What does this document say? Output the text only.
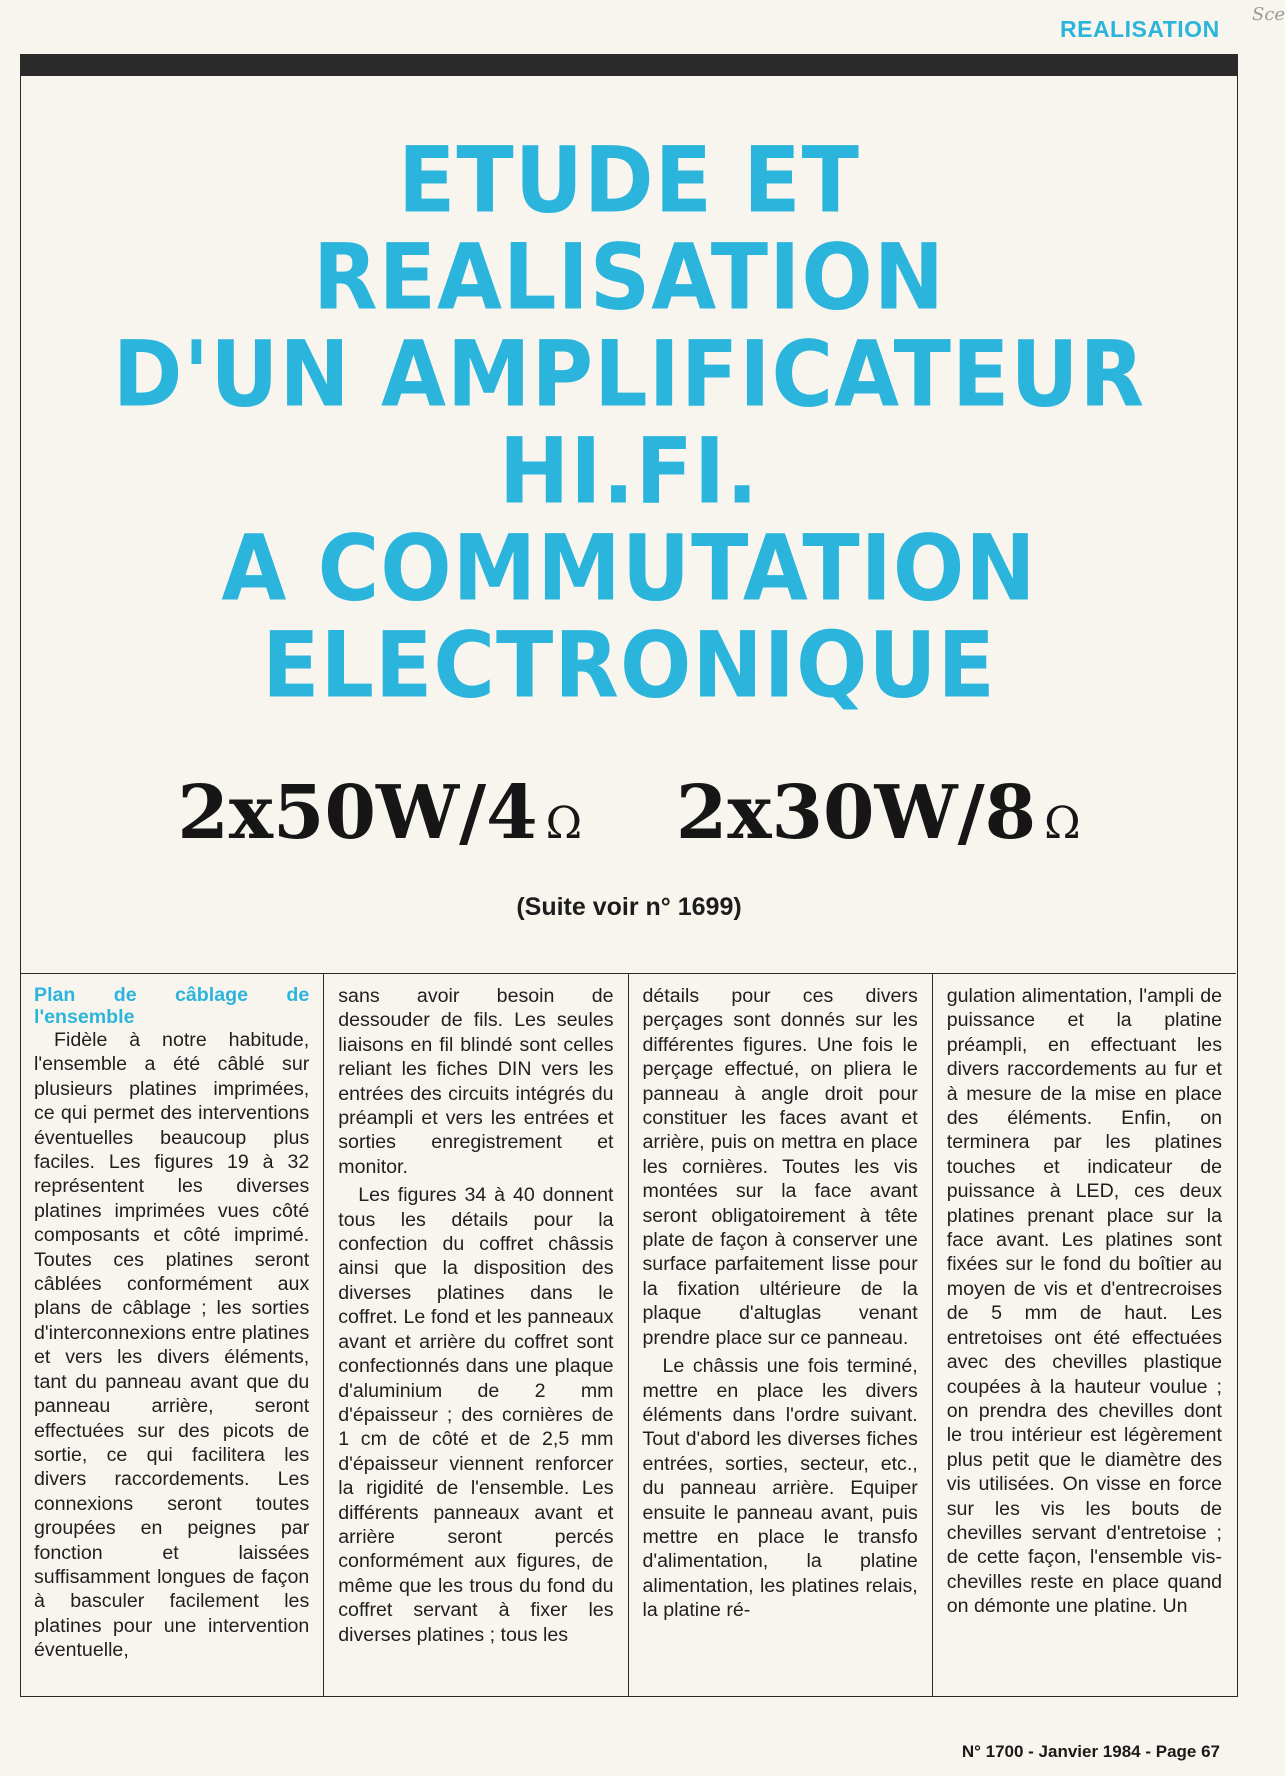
REALISATION
Sce
ETUDE ET
REALISATION
D'UN AMPLIFICATEUR
HI.FI.
A COMMUTATION
ELECTRONIQUE
2x50W/4 Ω 2x30W/8 Ω
(Suite voir n° 1699)
Plan de câblage de l'ensemble

Fidèle à notre habitude, l'ensemble a été câblé sur plusieurs platines imprimées, ce qui permet des interventions éventuelles beaucoup plus faciles. Les figures 19 à 32 représentent les diverses platines imprimées vues côté composants et côté imprimé. Toutes ces platines seront câblées conformément aux plans de câblage ; les sorties d'interconnexions entre platines et vers les divers éléments, tant du panneau avant que du panneau arrière, seront effectuées sur des picots de sortie, ce qui facilitera les divers raccordements. Les connexions seront toutes groupées en peignes par fonction et laissées suffisamment longues de façon à basculer facilement les platines pour une intervention éventuelle,

sans avoir besoin de dessouder de fils. Les seules liaisons en fil blindé sont celles reliant les fiches DIN vers les entrées des circuits intégrés du préampli et vers les entrées et sorties enregistrement et monitor.

Les figures 34 à 40 donnent tous les détails pour la confection du coffret châssis ainsi que la disposition des diverses platines dans le coffret. Le fond et les panneaux avant et arrière du coffret sont confectionnés dans une plaque d'aluminium de 2 mm d'épaisseur ; des cornières de 1 cm de côté et de 2,5 mm d'épaisseur viennent renforcer la rigidité de l'ensemble. Les différents panneaux avant et arrière seront percés conformément aux figures, de même que les trous du fond du coffret servant à fixer les diverses platines ; tous les

détails pour ces divers perçages sont donnés sur les différentes figures. Une fois le perçage effectué, on pliera le panneau à angle droit pour constituer les faces avant et arrière, puis on mettra en place les cornières. Toutes les vis montées sur la face avant seront obligatoirement à tête plate de façon à conserver une surface parfaitement lisse pour la fixation ultérieure de la plaque d'altuglas venant prendre place sur ce panneau.

Le châssis une fois terminé, mettre en place les divers éléments dans l'ordre suivant. Tout d'abord les diverses fiches entrées, sorties, secteur, etc., du panneau arrière. Equiper ensuite le panneau avant, puis mettre en place le transfo d'alimentation, la platine alimentation, les platines relais, la platine ré-

gulation alimentation, l'ampli de puissance et la platine préampli, en effectuant les divers raccordements au fur et à mesure de la mise en place des éléments. Enfin, on terminera par les platines touches et indicateur de puissance à LED, ces deux platines prenant place sur la face avant. Les platines sont fixées sur le fond du boîtier au moyen de vis et d'entrecroises de 5 mm de haut. Les entretoises ont été effectuées avec des chevilles plastique coupées à la hauteur voulue ; on prendra des chevilles dont le trou intérieur est légèrement plus petit que le diamètre des vis utilisées. On visse en force sur les vis les bouts de chevilles servant d'entretoise ; de cette façon, l'ensemble vis-chevilles reste en place quand on démonte une platine. Un

N° 1700 - Janvier 1984 - Page 67
